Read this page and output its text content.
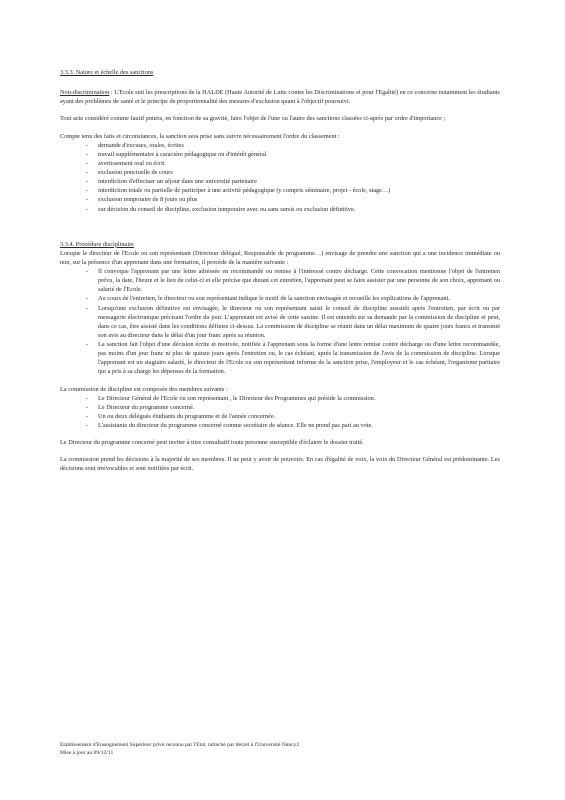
3.3.3. Nature et échelle des sanctions

Non-discrimination : L'Ecole suit les prescriptions de la HALDE (Haute Autorité de Lutte contre les Discriminations et pour l'Egalité) en ce concerne notamment les étudiants ayant des problèmes de santé et le principe de proportionnalité des mesures d'exclusion quant à l'objectif poursuivi.

Tout acte considéré comme fautif pourra, en fonction de sa gravité, faire l'objet de l'une ou l'autre des sanctions classées ci-après par ordre d'importance ;

Compte tenu des faits et circonstances, la sanction sera prise sans suivre nécessairement l'ordre du classement :

- demande d'excuses, orales, écrites
- travail supplémentaire à caractère pédagogique ou d'intérêt général
- avertissement oral ou écrit
- exclusion ponctuelle de cours
- interdiction d'effectuer un séjour dans une université partenaire
- interdiction totale ou partielle de participer à une activité pédagogique (y compris séminaire, projet - école, stage…)
- exclusion temporaire de 8 jours ou plus
- sur décision du conseil de discipline, exclusion temporaire avec ou sans sursis ou exclusion définitive.
3.3.4. Procédure disciplinaire

Lorsque le directeur de l'Ecole ou son représentant (Directeur délégué, Responsable de programme…) envisage de prendre une sanction qui a une incidence immédiate ou non, sur la présence d'un apprenant dans une formation, il procède de la manière suivante :

- Il convoque l'apprenant par une lettre adressée en recommandé ou remise à l'intéressé contre décharge. Cette convocation mentionne l'objet de l'entretien prévu, la date, l'heure et le lieu de celui-ci et elle précise que durant cet entretien, l'apprenant peut se faire assister par une personne de son choix, apprenant ou salarié de l'Ecole.
- Au cours de l'entretien, le directeur ou son représentant indique le motif de la sanction envisagée et recueille les explications de l'apprenant.
- Lorsqu'une exclusion définitive est envisagée, le directeur ou son représentant saisit le conseil de discipline aussitôt après l'entretien, par écrit ou par messagerie électronique précisant l'ordre du jour. L'apprenant est avisé de cette saisine. Il est entendu sur sa demande par la commission de discipline et peut, dans ce cas, être assisté dans les conditions définies ci-dessus. La commission de discipline se réunit dans un délai maximum de quatre jours francs et transmet son avis au directeur dans le délai d'un jour franc après sa réunion.
- La sanction fait l'objet d'une décision écrite et motivée, notifiée à l'apprenant sous la forme d'une lettre remise contre décharge ou d'une lettre recommandée, pas moins d'un jour franc ni plus de quinze jours après l'entretien ou, le cas échéant, après la transmission de l'avis de la commission de discipline. Lorsque l'apprenant est un stagiaire salarié, le directeur de l'Ecole ou son représentant informe de la sanction prise, l'employeur et le cas échéant, l'organisme paritaire qui a pris à sa charge les dépenses de la formation.

La commission de discipline est composée des membres suivants :

- Le Directeur Général de l'Ecole ou son représentant , le Directeur des Programmes qui préside la commission.
- Le Directeur du programme concerné.
- Un ou deux délégués étudiants du programme et de l'année concernée.
- L'assistante du directeur du programme concerné comme secrétaire de séance. Elle ne prend pas part au vote.

Le Directeur du programme concerné peut inviter à titre consultatif toute personne susceptible d'éclairer le dossier traité.

La commission prend les décisions à la majorité de ses membres. Il ne peut y avoir de pouvoirs. En cas d'égalité de voix, la voix du Directeur Général est prédominante. Les décisions sont irrévocables et sont notifiées par écrit.

Etablissement d'Enseignement Supérieur privé reconnu par l'Etat, rattaché par décret à l'Université Nancy2
Mise à jour au 09/12/11
